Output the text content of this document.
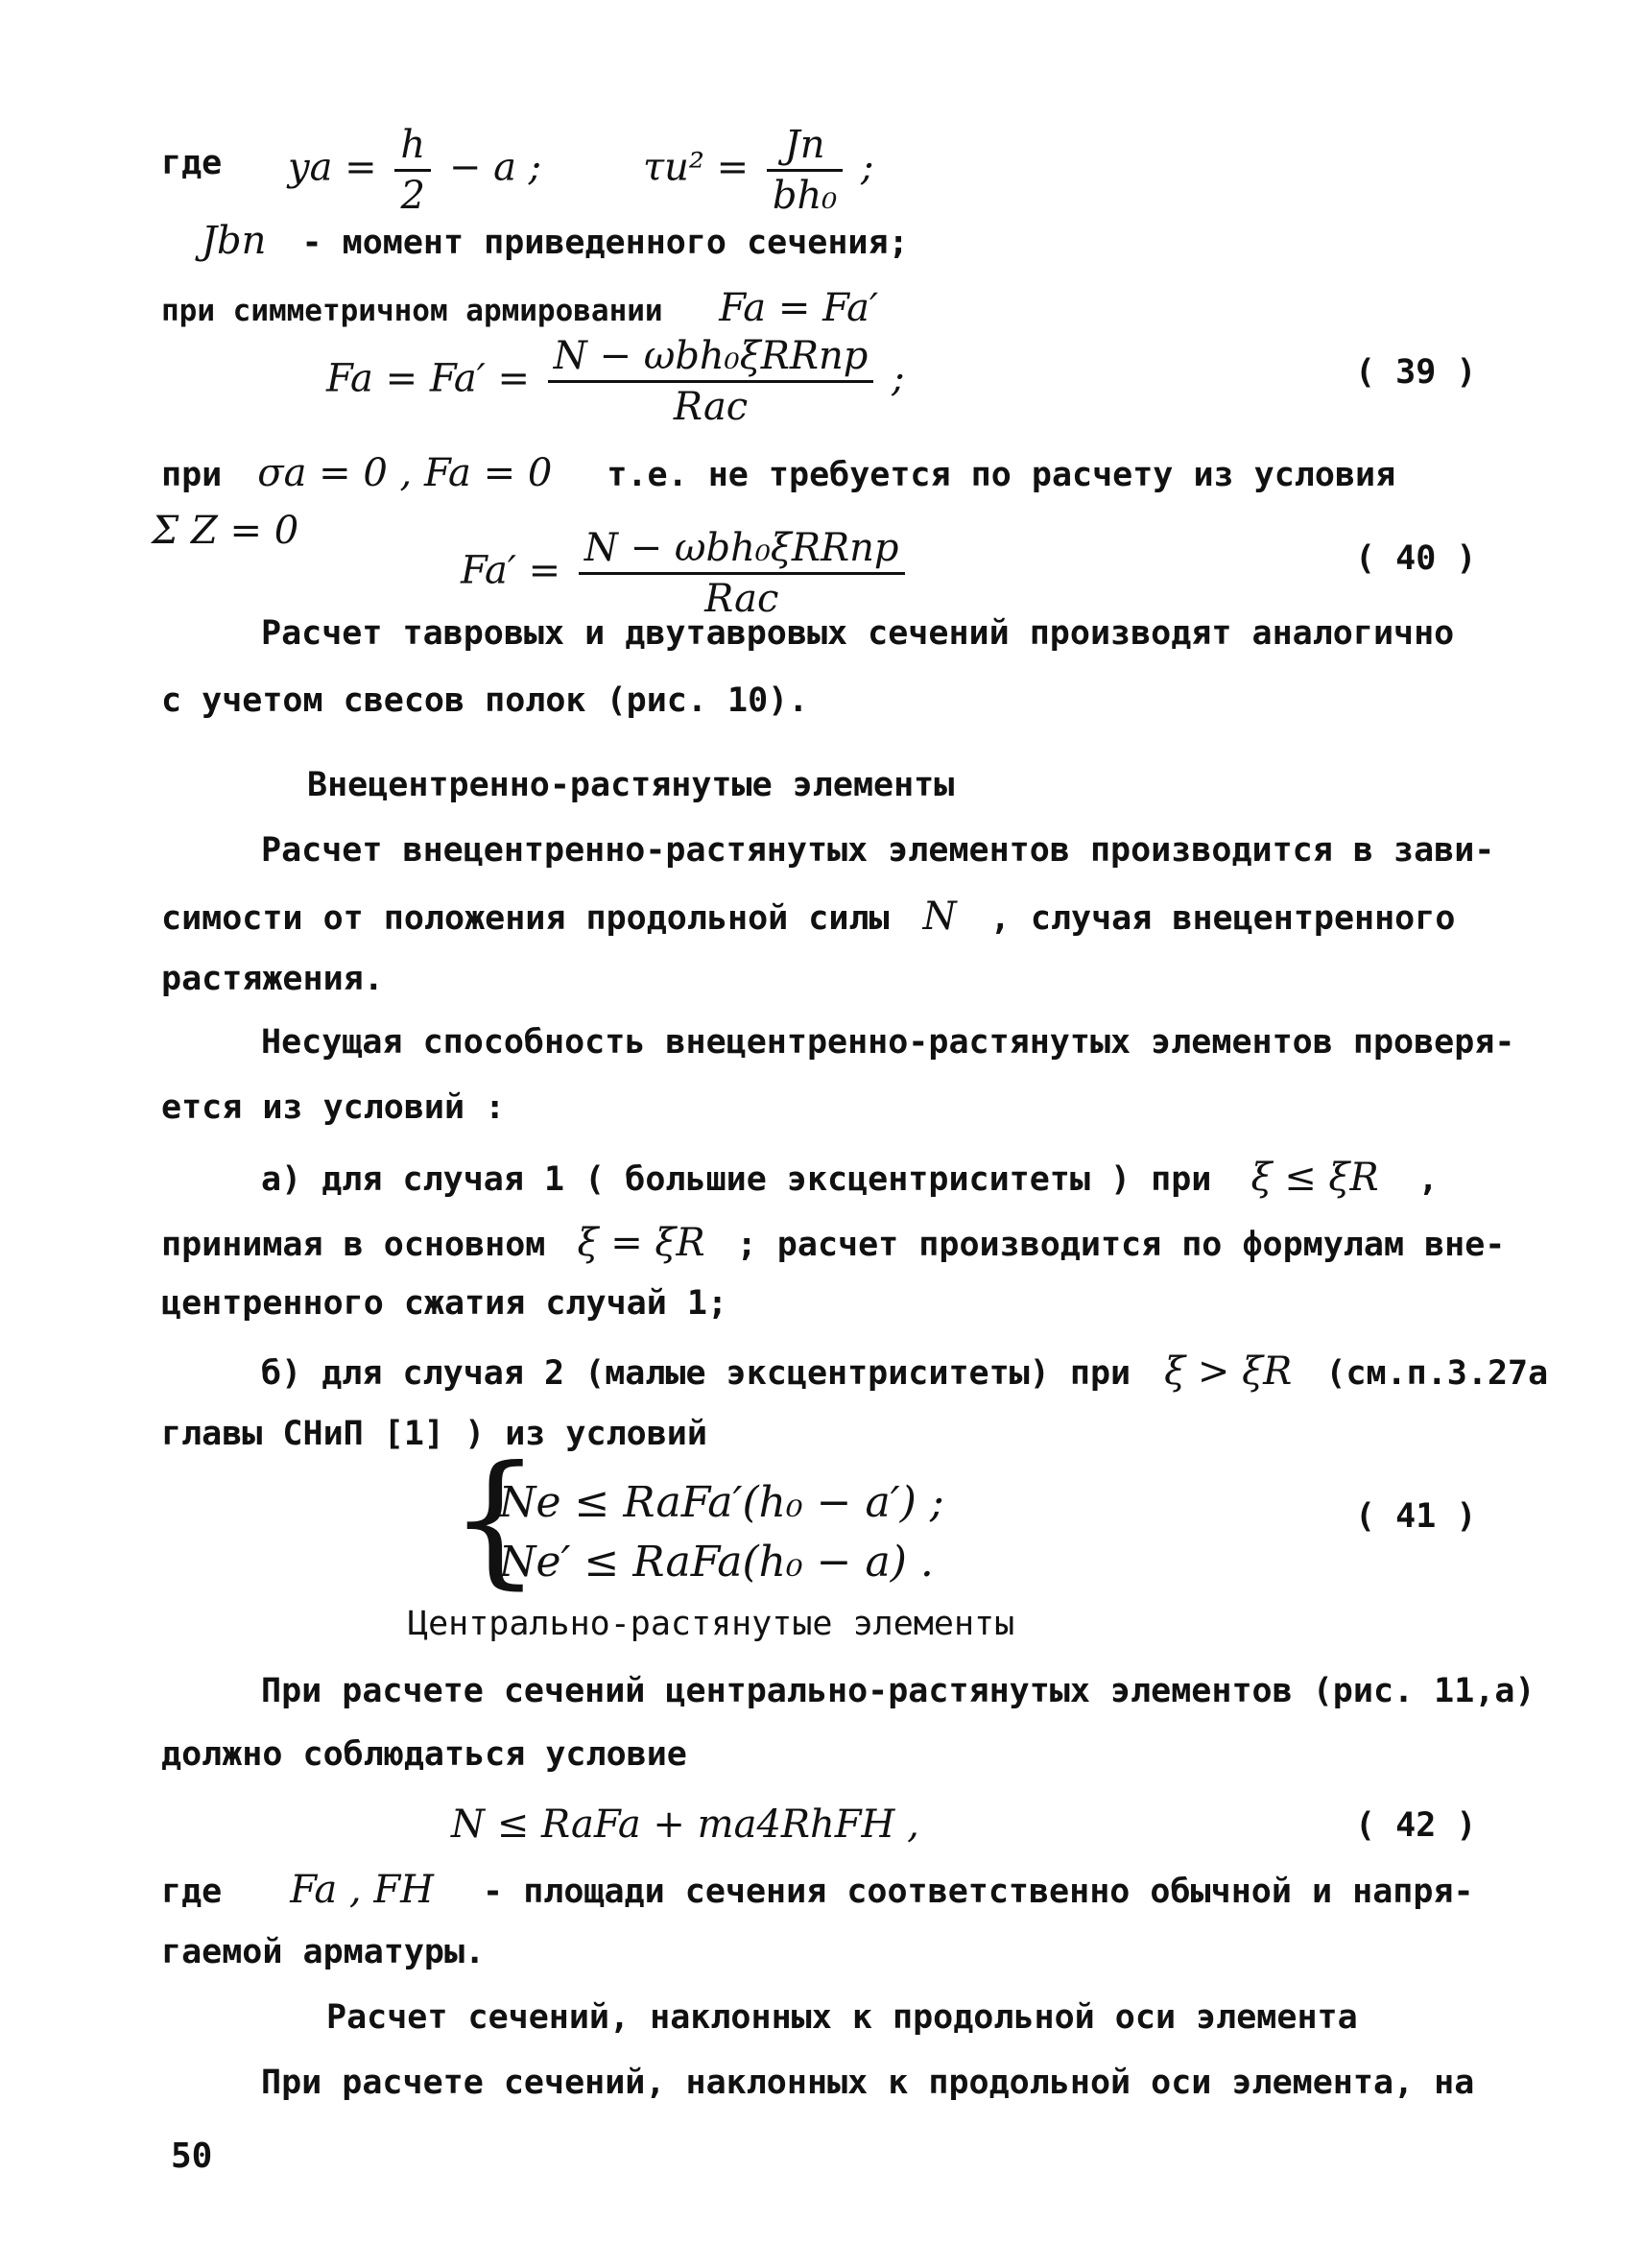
где yа = $\frac{h}{2} - a$ ;	$\tau u^2 = \frac{Jn}{\text{bh₀}}$ ;
Jbn - момент приведенного сечения;
при симметричном армировании Fa = Fa′
$Fa = Fa' = \frac{\text{N − ωbh₀ξRRnp}}{\text{Rac}}$ ;	( 39 )
при σa = 0 , Fa = 0 т.е. не требуется по расчету из условия
Σ Z = 0
$Fa' = \frac{\text{N − ωbh₀ξRRnp}}{\text{Rac}}$	( 40 )
Расчет тавровых и двутавровых сечений производят аналогично
с учетом свесов полок (рис. 10).
Внецентренно-растянутые элементы
Расчет внецентренно-растянутых элементов производится в зави-
симости от положения продольной силы N , случая внецентренного
растяжения.
Несущая способность внецентренно-растянутых элементов проверя-
ется из условий :
а) для случая 1 ( большие эксцентриситеты ) при ξ ≤ ξR ,
принимая в основном ξ = ξR ; расчет производится по формулам вне-
центренного сжатия случай 1;
б) для случая 2 (малые эксцентриситеты) при ξ > ξR (см.п.3.27а
главы СНиП [1] ) из условий
{
Ne ≤ RaFa′(h₀ − a′) ;
Ne′ ≤ RaFa(h₀ − a) .
( 41 )
Центрально-растянутые элементы
При расчете сечений центрально-растянутых элементов (рис. 11,а)
должно соблюдаться условие
N ≤ RaFa + ma4RhFH ,	( 42 )
где Fa , FH - площади сечения соответственно обычной и напря-
гаемой арматуры.
Расчет сечений, наклонных к продольной оси элемента
При расчете сечений, наклонных к продольной оси элемента, на
50
